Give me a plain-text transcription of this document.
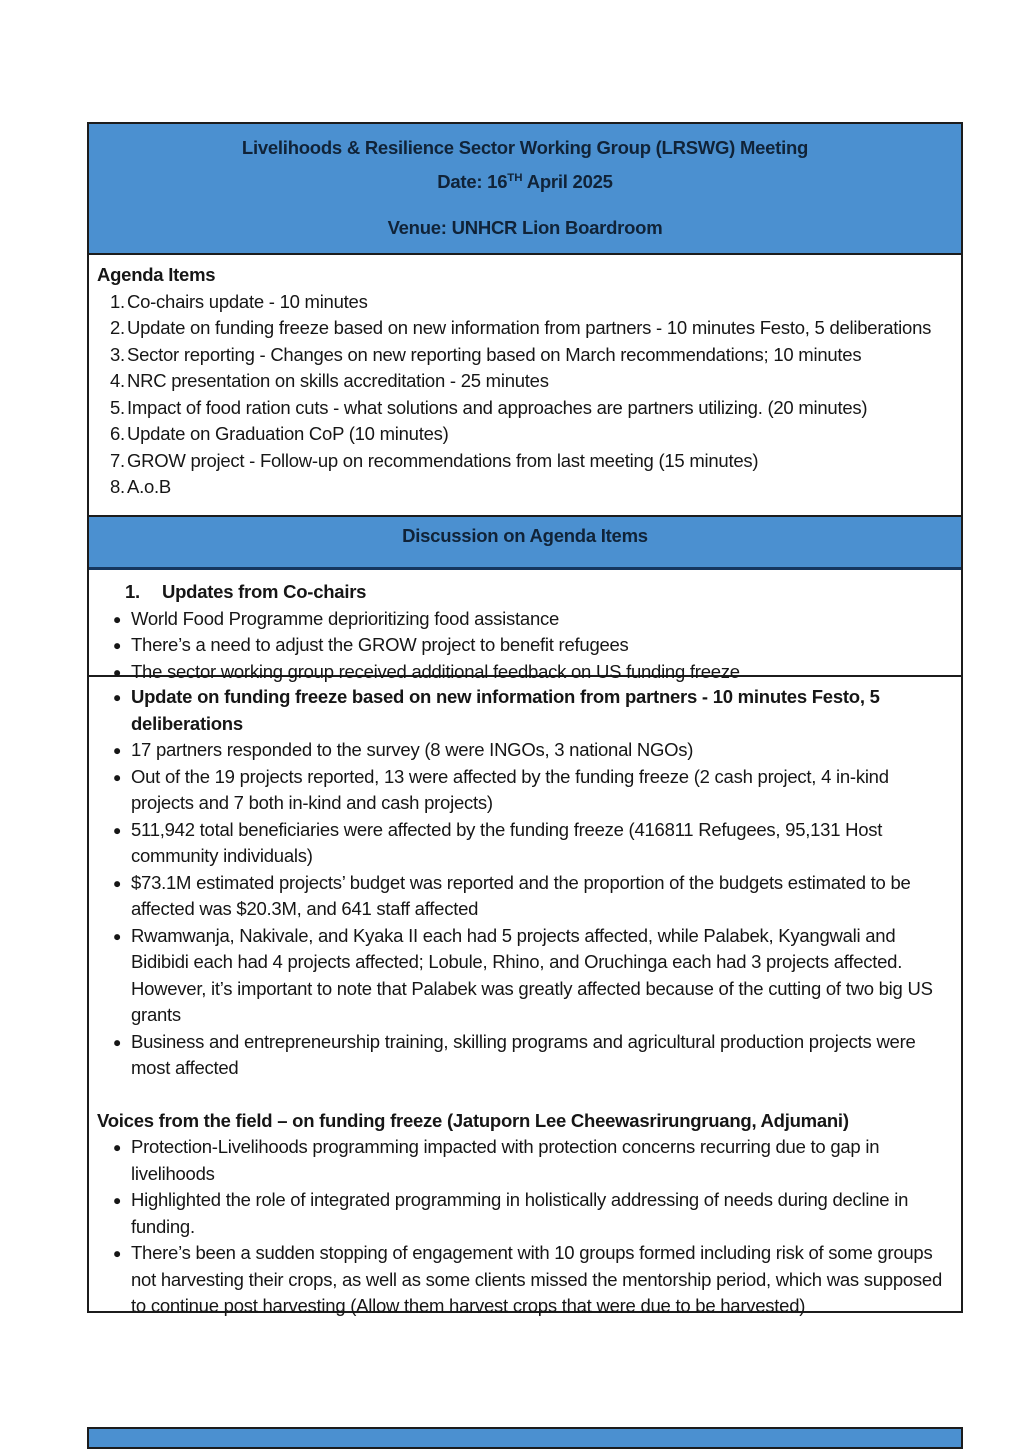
Livelihoods & Resilience Sector Working Group (LRSWG) Meeting
Date: 16TH April 2025
Venue: UNHCR Lion Boardroom
Agenda Items
1. Co-chairs update - 10 minutes
2. Update on funding freeze based on new information from partners - 10 minutes Festo, 5 deliberations
3. Sector reporting - Changes on new reporting based on March recommendations; 10 minutes
4. NRC presentation on skills accreditation - 25 minutes
5. Impact of food ration cuts - what solutions and approaches are partners utilizing. (20 minutes)
6. Update on Graduation CoP (10 minutes)
7. GROW project - Follow-up on recommendations from last meeting (15 minutes)
8. A.o.B
Discussion on Agenda Items
1.	Updates from Co-chairs
● World Food Programme deprioritizing food assistance
● There’s a need to adjust the GROW project to benefit refugees
● The sector working group received additional feedback on US funding freeze
● Update on funding freeze based on new information from partners - 10 minutes Festo, 5 deliberations
● 17 partners responded to the survey (8 were INGOs, 3 national NGOs)
● Out of the 19 projects reported, 13 were affected by the funding freeze (2 cash project, 4 in-kind projects and 7 both in-kind and cash projects)
● 511,942 total beneficiaries were affected by the funding freeze (416811 Refugees, 95,131 Host community individuals)
● $73.1M estimated projects’ budget was reported and the proportion of the budgets estimated to be affected was $20.3M, and 641 staff affected
● Rwamwanja, Nakivale, and Kyaka II each had 5 projects affected, while Palabek, Kyangwali and Bidibidi each had 4 projects affected; Lobule, Rhino, and Oruchinga each had 3 projects affected. However, it’s important to note that Palabek was greatly affected because of the cutting of two big US grants
● Business and entrepreneurship training, skilling programs and agricultural production projects were most affected
Voices from the field – on funding freeze (Jatuporn Lee Cheewasrirungruang, Adjumani)
● Protection-Livelihoods programming impacted with protection concerns recurring due to gap in livelihoods
● Highlighted the role of integrated programming in holistically addressing of needs during decline in funding.
● There’s been a sudden stopping of engagement with 10 groups formed including risk of some groups not harvesting their crops, as well as some clients missed the mentorship period, which was supposed to continue post harvesting (Allow them harvest crops that were due to be harvested)
